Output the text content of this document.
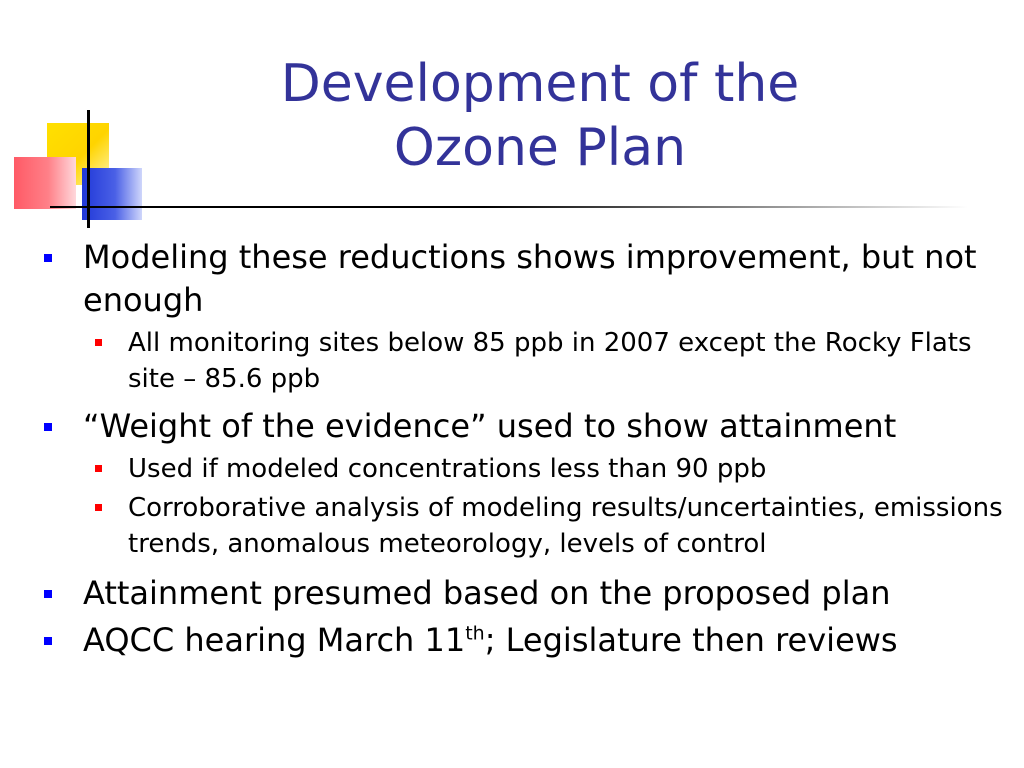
Development of the
Ozone Plan
Modeling these reductions shows improvement, but not enough
All monitoring sites below 85 ppb in 2007 except the Rocky Flats site – 85.6 ppb
“Weight of the evidence” used to show attainment
Used if modeled concentrations less than 90 ppb
Corroborative analysis of modeling results/uncertainties, emissions trends, anomalous meteorology, levels of control
Attainment presumed based on the proposed plan
AQCC hearing March 11th; Legislature then reviews
